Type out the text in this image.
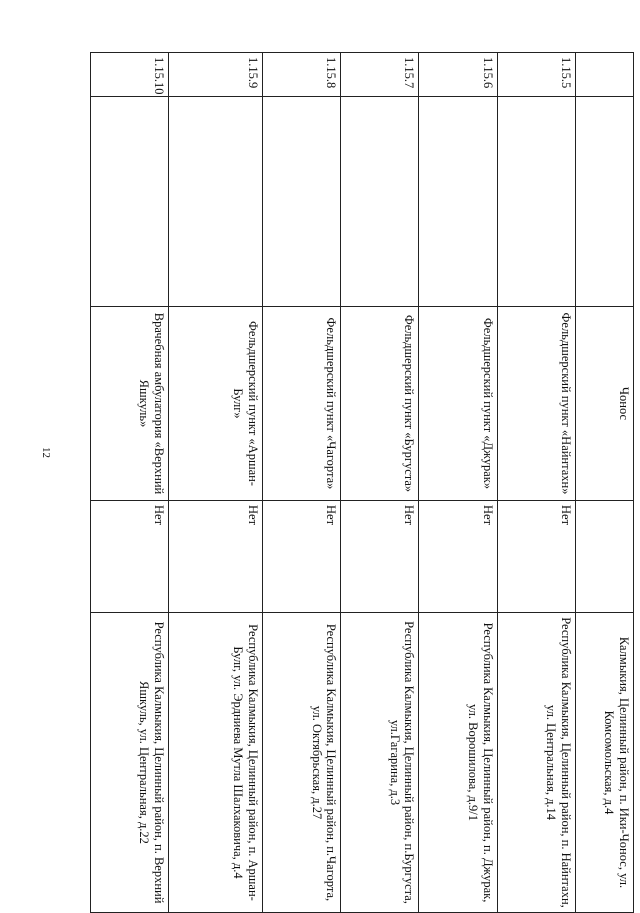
12
		Чонос		Калмыкия, Целинный район, п. Ики-Чонос, ул. Комсомольская, д.4
1.15.5		Фельдшерский пункт «Найнтахн»	Нет	Республика Калмыкия, Целинный район, п. Найнтахн, ул. Центральная, д.14
1.15.6		Фельдшерский пункт «Джурак»	Нет	Республика Калмыкия, Целинный район, п. Джурак, ул. Ворошилова, д.9/1
1.15.7		Фельдшерский пункт «Бургуста»	Нет	Республика Калмыкия, Целинный район, п.Бургуста, ул.Гагарина, д.3
1.15.8		Фельдшерский пункт «Чагорта»	Нет	Республика Калмыкия, Целинный район, п.Чагорта, ул. Октябрьская, д.27
1.15.9		Фельдшерский пункт «Аршан-Булг»	Нет	Республика Калмыкия, Целинный район, п. Аршан-Булг, ул. Эрдниева Мутла Шалхаковича, д.4
1.15.10		Врачебная амбулатория «Верхний Яшкуль»	Нет	Республика Калмыкия, Целинный район, п. Верхний Яшкуль, ул. Центральная, д.22
